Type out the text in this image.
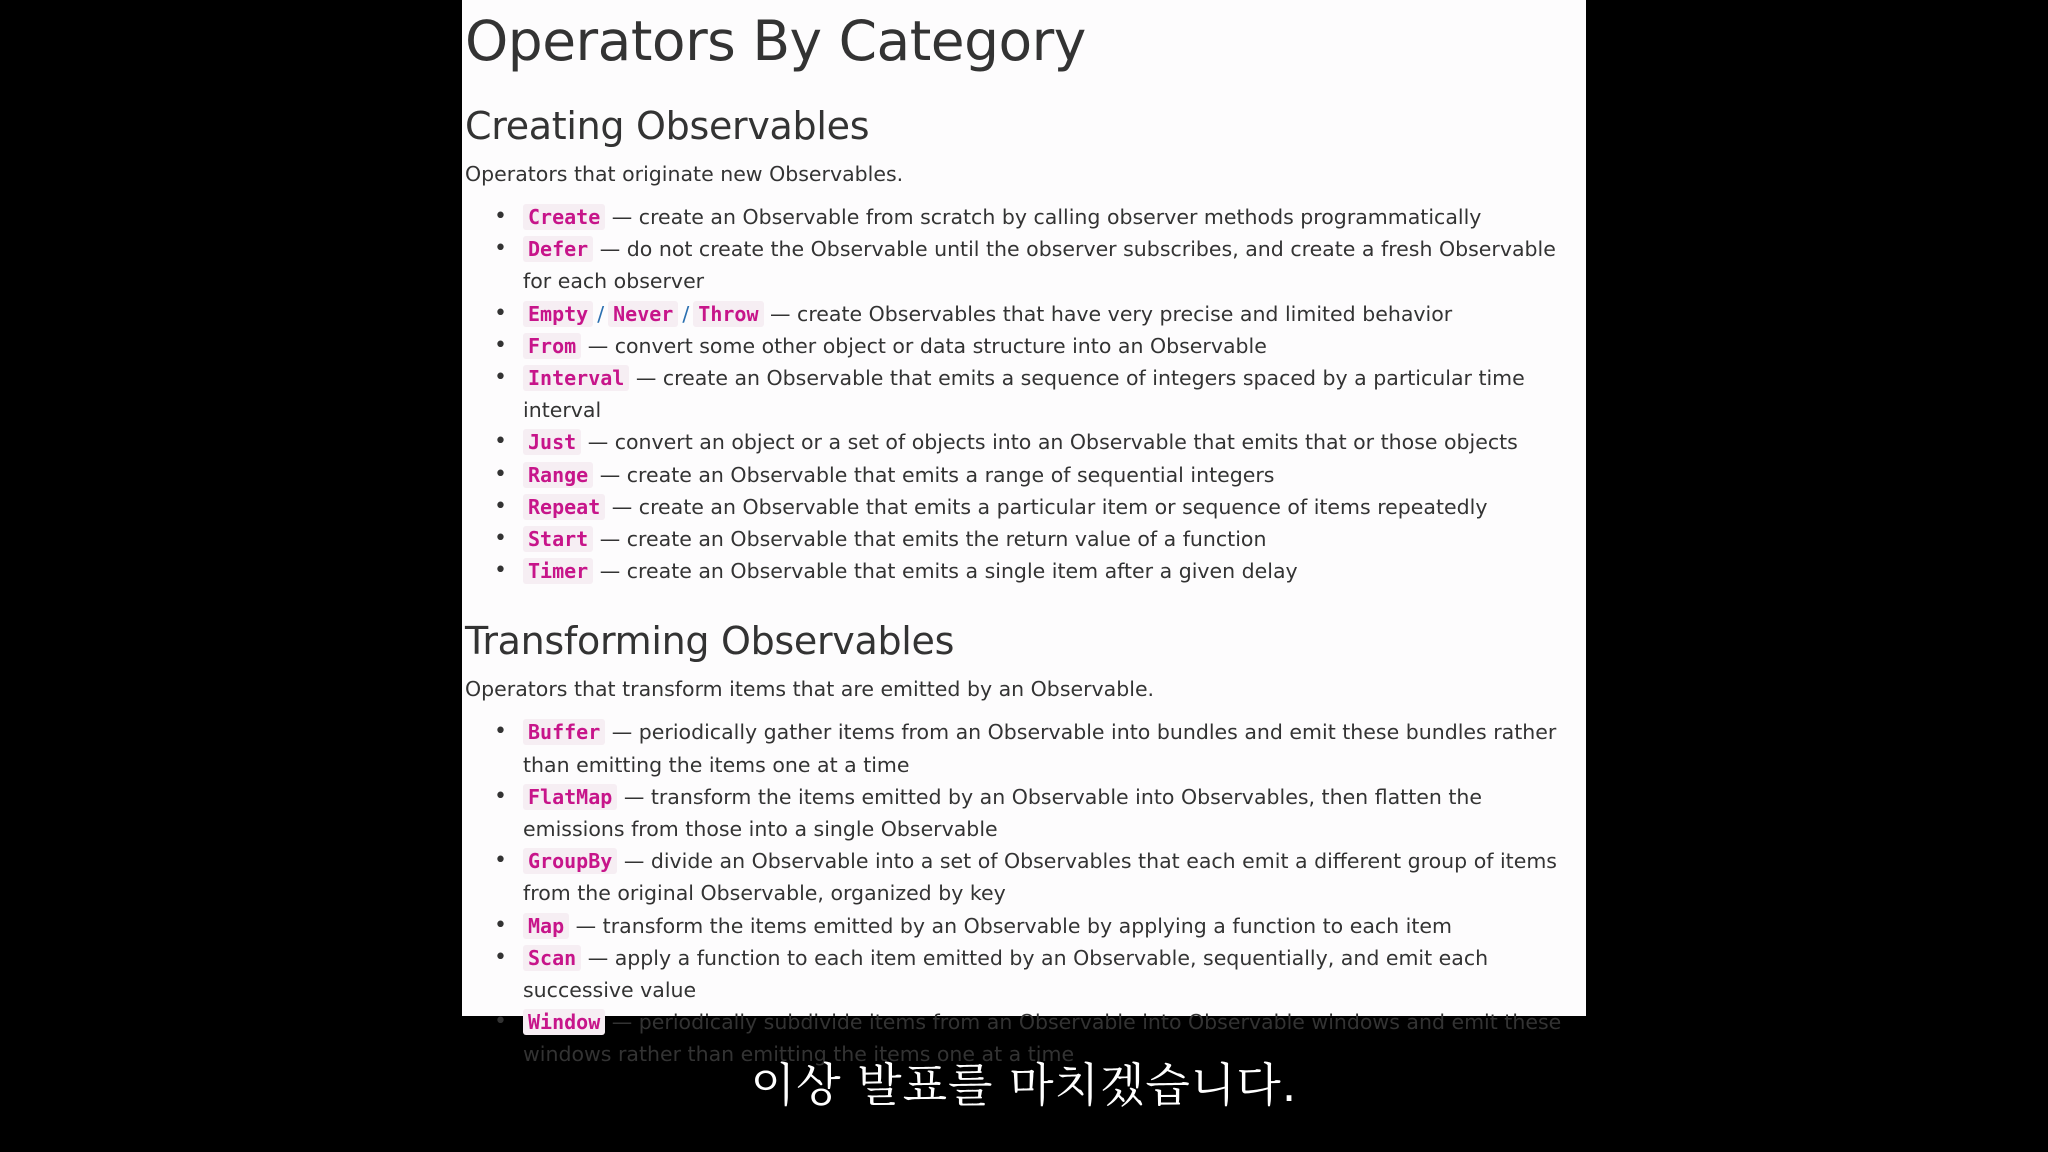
Operators By Category
Creating Observables

Operators that originate new Observables.

• Create — create an Observable from scratch by calling observer methods programmatically
• Defer — do not create the Observable until the observer subscribes, and create a fresh Observable for each observer
• Empty / Never / Throw — create Observables that have very precise and limited behavior
• From — convert some other object or data structure into an Observable
• Interval — create an Observable that emits a sequence of integers spaced by a particular time interval
• Just — convert an object or a set of objects into an Observable that emits that or those objects
• Range — create an Observable that emits a range of sequential integers
• Repeat — create an Observable that emits a particular item or sequence of items repeatedly
• Start — create an Observable that emits the return value of a function
• Timer — create an Observable that emits a single item after a given delay
Transforming Observables

Operators that transform items that are emitted by an Observable.

• Buffer — periodically gather items from an Observable into bundles and emit these bundles rather than emitting the items one at a time
• FlatMap — transform the items emitted by an Observable into Observables, then flatten the emissions from those into a single Observable
• GroupBy — divide an Observable into a set of Observables that each emit a different group of items from the original Observable, organized by key
• Map — transform the items emitted by an Observable by applying a function to each item
• Scan — apply a function to each item emitted by an Observable, sequentially, and emit each successive value
• Window — periodically subdivide items from an Observable into Observable windows and emit these windows rather than emitting the items one at a time
이상 발표를 마치겠습니다.
